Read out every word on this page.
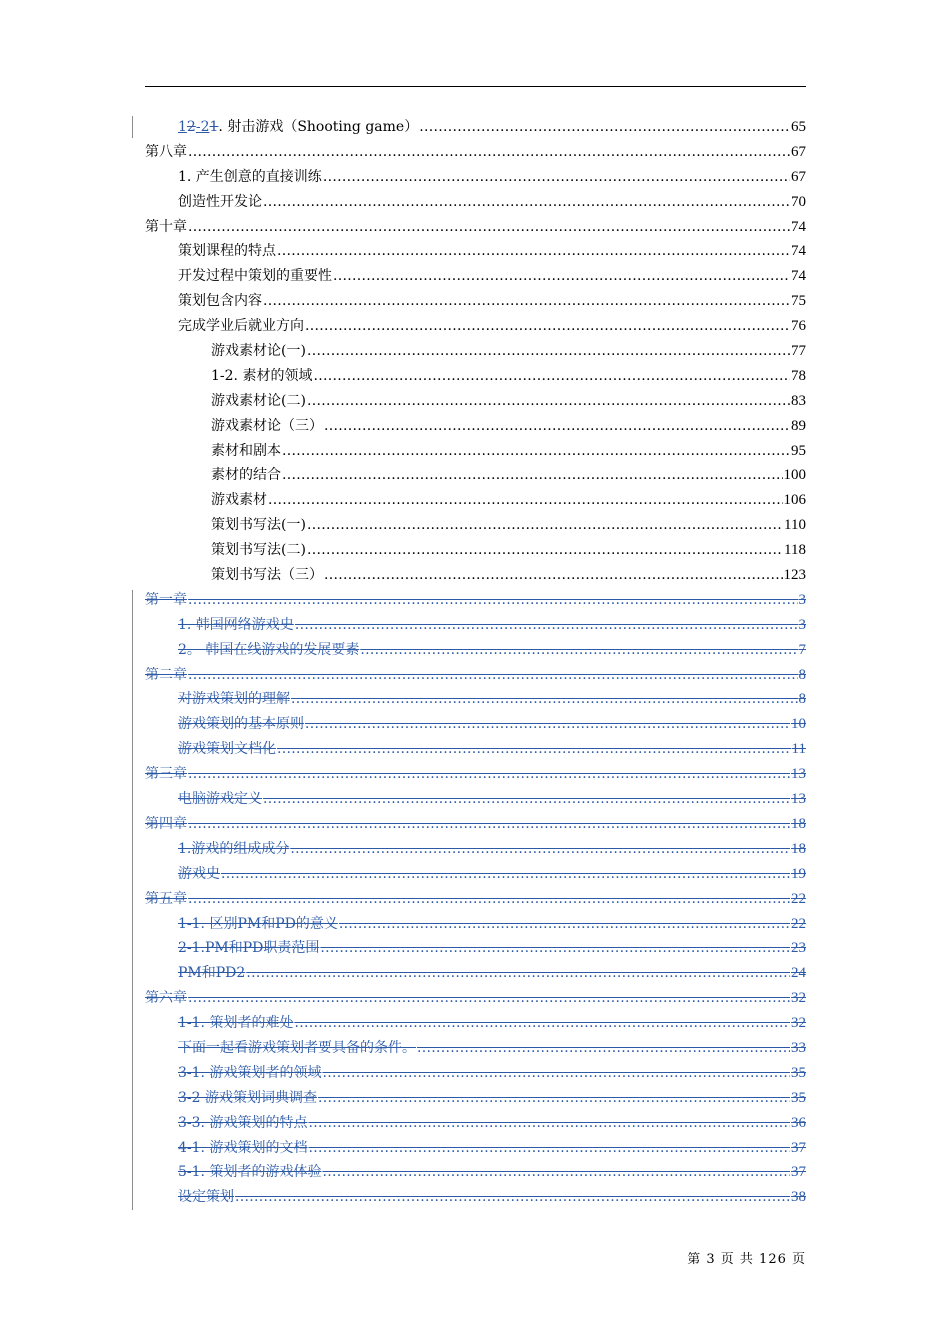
12-21. 射击游戏（Shooting game） .....	65
第八章 .....	67
1. 产生创意的直接训练 .....	67
创造性开发论 .....	70
第十章 .....	74
策划课程的特点 .....	74
开发过程中策划的重要性 .....	74
策划包含内容 .....	75
完成学业后就业方向 .....	76
游戏素材论(一) .....	77
1-2. 素材的领域 .....	78
游戏素材论(二) .....	83
游戏素材论（三） .....	89
素材和剧本 .....	95
素材的结合 .....	100
游戏素材 .....	106
策划书写法(一) .....	110
策划书写法(二) .....	118
策划书写法（三） .....	123
第一章 .....	3
1. 韩国网络游戏史 .....	3
2。 韩国在线游戏的发展要素 .....	7
第二章 .....	8
对游戏策划的理解 .....	8
游戏策划的基本原则 .....	10
游戏策划文档化 .....	11
第三章 .....	13
电脑游戏定义 .....	13
第四章 .....	18
1.游戏的组成成分 .....	18
游戏史 .....	19
第五章 .....	22
1-1. 区别PM和PD的意义 .....	22
2-1.PM和PD职责范围 .....	23
PM和PD2 .....	24
第六章 .....	32
1-1. 策划者的难处 .....	32
下面一起看游戏策划者要具备的条件。 .....	33
3-1. 游戏策划者的领域 .....	35
3-2 游戏策划词典调查 .....	35
3-3. 游戏策划的特点 .....	36
4-1. 游戏策划的文档 .....	37
5-1. 策划者的游戏体验 .....	37
设定策划 .....	38
第 3 页 共 126 页
